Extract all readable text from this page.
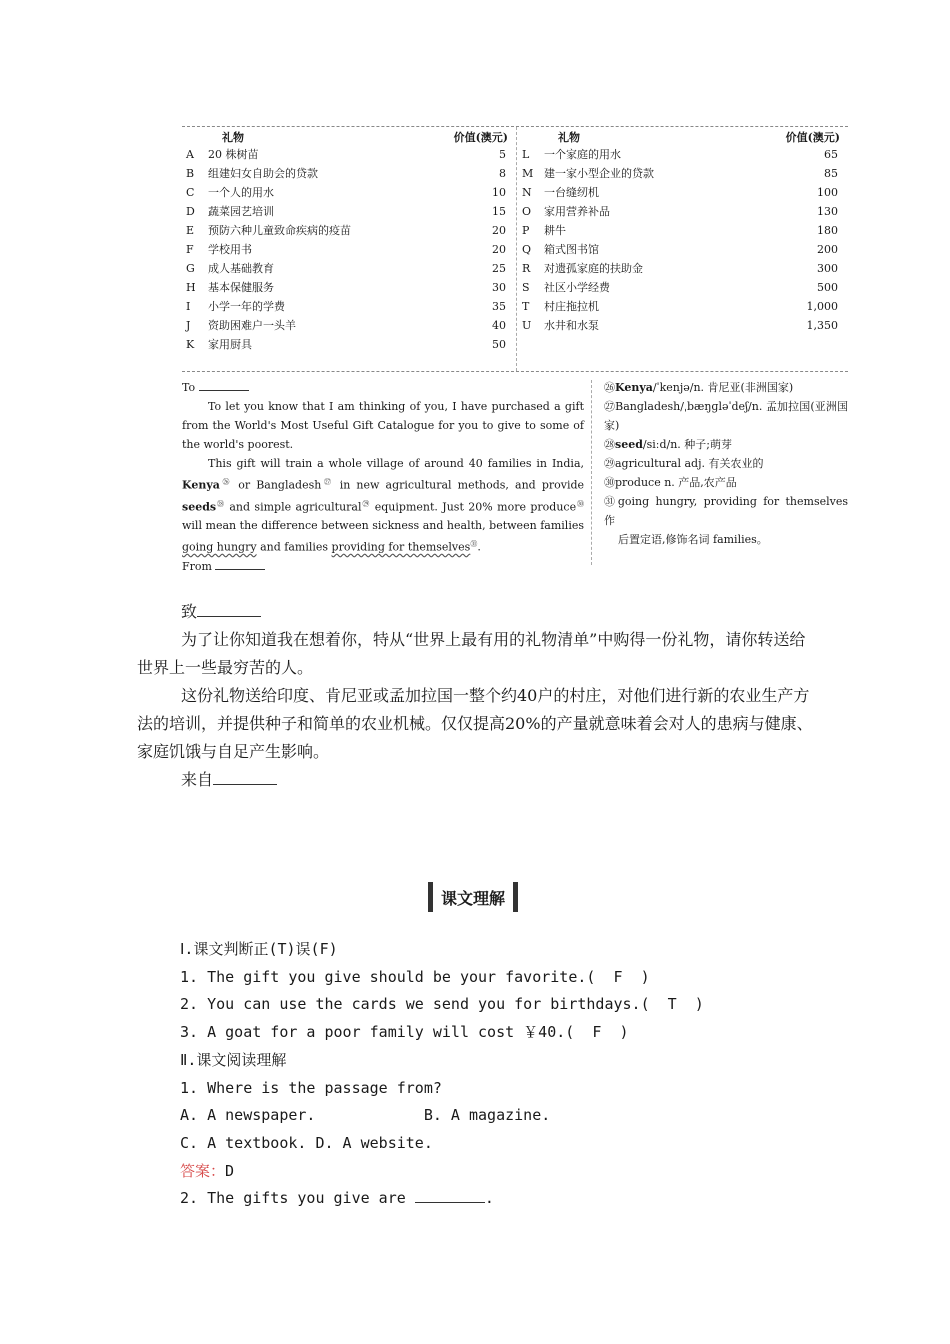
礼物	价值(澳元)
A	20 株树苗	5
B	组建妇女自助会的贷款	8
C	一个人的用水	10
D	蔬菜园艺培训	15
E	预防六种儿童致命疾病的疫苗	20
F	学校用书	20
G	成人基础教育	25
H	基本保健服务	30
I	小学一年的学费	35
J	资助困难户一头羊	40
K	家用厨具	50
礼物	价值(澳元)
L	一个家庭的用水	65
M 建一家小型企业的贷款	85
N	一台缝纫机	100
O	家用营养补品	130
P	耕牛	180
Q	箱式图书馆	200
R	对遗孤家庭的扶助金	300
S	社区小学经费	500
T	村庄拖拉机	1,000
U	水井和水泵	1,350

To

To let you know that I am thinking of you, I have purchased a gift from the World's Most Useful Gift Catalogue for you to give to some of the world's poorest.

This gift will train a whole village of around 40 families in India, Kenya$^㉖$ or Bangladesh$^㉗$ in new agricultural methods, and provide seeds$^㉘$ and simple agricultural$^㉙$ equipment. Just 20% more produce$^㉚$ will mean the difference between sickness and health, between families going hungry and families providing for themselves$^㉛$.

From

㉖Kenya/ˈkenjə/n. 肯尼亚(非洲国家)
㉗Bangladesh/ˌbæŋɡləˈdeʃ/n. 孟加拉国(亚洲国家)
㉘seed/siːd/n. 种子;萌芽
㉙agricultural adj. 有关农业的
㉚produce n. 产品,农产品
㉛going hungry, providing for themselves 作
后置定语,修饰名词 families。

致

为了让你知道我在想着你，特从“世界上最有用的礼物清单”中购得一份礼物，请你转送给世界上一些最穷苦的人。

这份礼物送给印度、肯尼亚或孟加拉国一整个约40户的村庄，对他们进行新的农业生产方法的培训，并提供种子和简单的农业机械。仅仅提高20%的产量就意味着会对人的患病与健康、家庭饥饿与自足产生影响。

来自

课文理解
Ⅰ.课文判断正(T)误(F)
1. The gift you give should be your favorite.(  F  )
2. You can use the cards we send you for birthdays.(  T  )
3. A goat for a poor family will cost ￥40.(  F  )
Ⅱ.课文阅读理解
1. Where is the passage from?
A. A newspaper.            B. A magazine.
C. A textbook. D. A website.
答案：D
2. The gifts you give are	.
